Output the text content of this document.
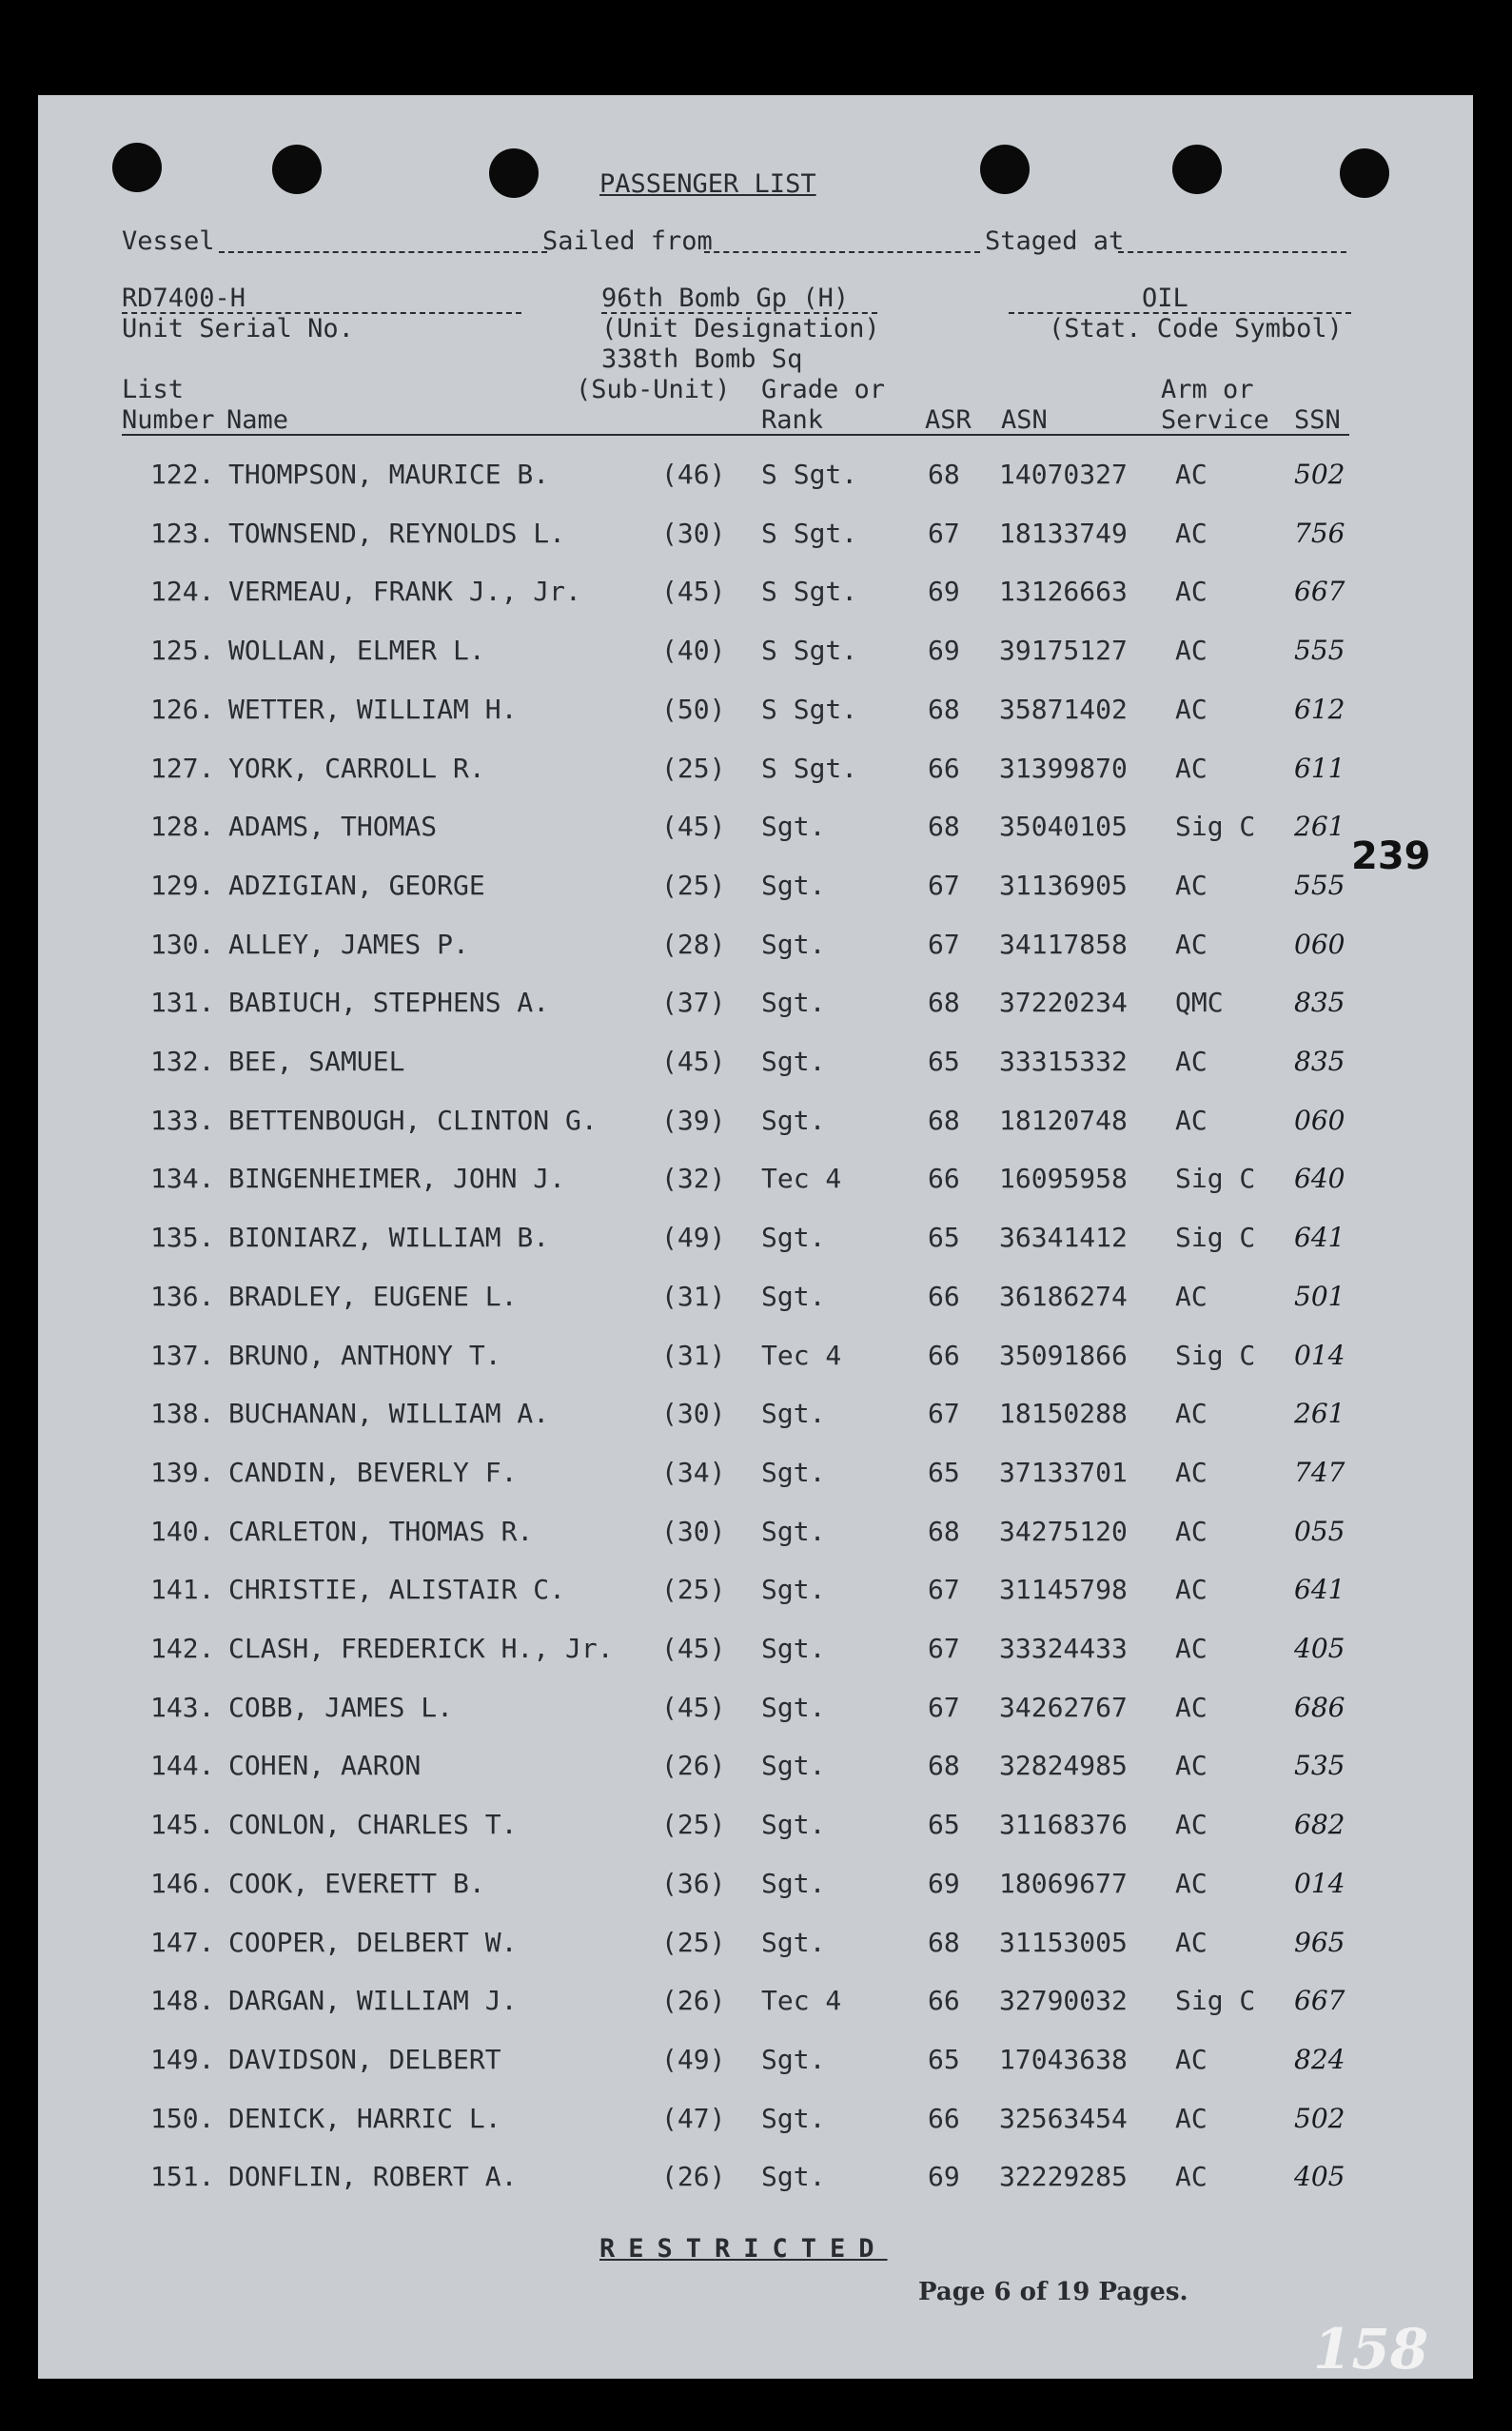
PASSENGER LIST
Vessel	Sailed from	Staged at
RD7400-H
Unit Serial No.
96th Bomb Gp (H)
(Unit Designation)
338th Bomb Sq
(Sub-Unit)
OIL
(Stat. Code Symbol)
List
Number Name
Grade or
Rank	ASR ASN
Arm or
Service SSN
122. THOMPSON, MAURICE B.	(46) S Sgt.	68 14070327 AC	502
123. TOWNSEND, REYNOLDS L.	(30) S Sgt.	67 18133749 AC	756
124. VERMEAU, FRANK J., Jr.	(45) S Sgt.	69 13126663 AC	667
125. WOLLAN, ELMER L.	(40) S Sgt.	69 39175127 AC	555
126. WETTER, WILLIAM H.	(50) S Sgt.	68 35871402 AC	612
127. YORK, CARROLL R.	(25) S Sgt.	66 31399870 AC	611
128. ADAMS, THOMAS	(45) Sgt.	68 35040105 Sig C 261
129. ADZIGIAN, GEORGE	(25) Sgt.	67 31136905 AC	555
130. ALLEY, JAMES P.	(28) Sgt.	67 34117858 AC	060
131. BABIUCH, STEPHENS A.	(37) Sgt.	68 37220234 QMC	835
132. BEE, SAMUEL	(45) Sgt.	65 33315332 AC	835
133. BETTENBOUGH, CLINTON G. (39) Sgt.	68 18120748 AC	060
134. BINGENHEIMER, JOHN J.	(32) Tec 4	66 16095958 Sig C 640
135. BIONIARZ, WILLIAM B.	(49) Sgt.	65 36341412 Sig C 641
136. BRADLEY, EUGENE L.	(31) Sgt.	66 36186274 AC	501
137. BRUNO, ANTHONY T.	(31) Tec 4	66 35091866 Sig C 014
138. BUCHANAN, WILLIAM A.	(30) Sgt.	67 18150288 AC	261
139. CANDIN, BEVERLY F.	(34) Sgt.	65 37133701 AC	747
140. CARLETON, THOMAS R.	(30) Sgt.	68 34275120 AC	055
141. CHRISTIE, ALISTAIR C.	(25) Sgt.	67 31145798 AC	641
142. CLASH, FREDERICK H., Jr. (45) Sgt.	67 33324433 AC	405
143. COBB, JAMES L.	(45) Sgt.	67 34262767 AC	686
144. COHEN, AARON	(26) Sgt.	68 32824985 AC	535
145. CONLON, CHARLES T.	(25) Sgt.	65 31168376 AC	682
146. COOK, EVERETT B.	(36) Sgt.	69 18069677 AC	014
147. COOPER, DELBERT W.	(25) Sgt.	68 31153005 AC	965
148. DARGAN, WILLIAM J.	(26) Tec 4	66 32790032 Sig C 667
149. DAVIDSON, DELBERT	(49) Sgt.	65 17043638 AC	824
150. DENICK, HARRIC L.	(47) Sgt.	66 32563454 AC	502
151. DONFLIN, ROBERT A.	(26) Sgt.	69 32229285 AC	405
RESTRICTED
Page 6 of 19 Pages.
239
158
